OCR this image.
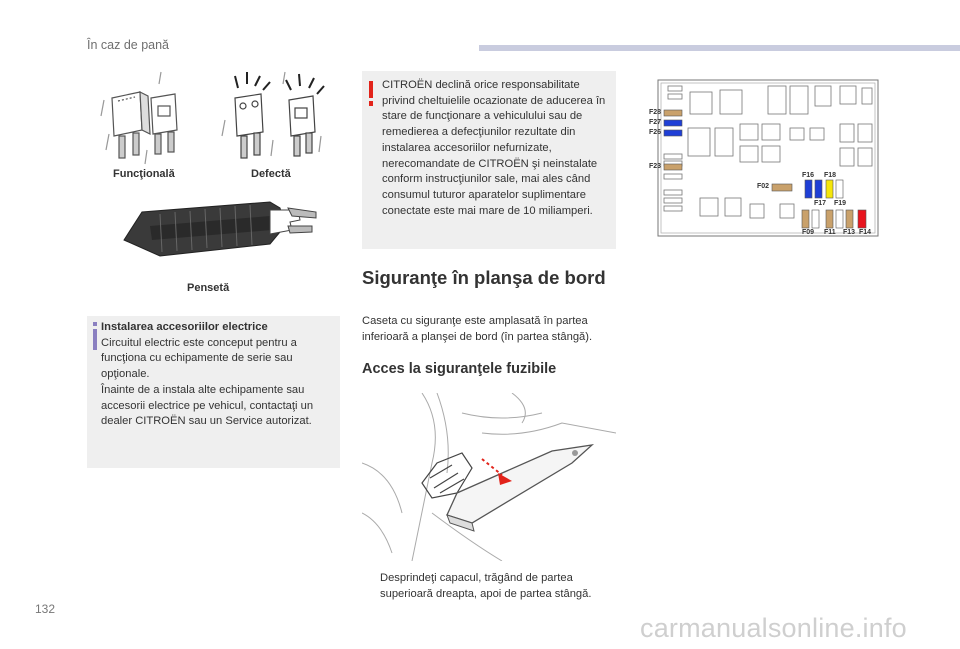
În caz de pană
Funcţională	Defectă
Pensetă
Instalarea accesoriilor electrice
Circuitul electric este conceput pentru a funcţiona cu echipamente de serie sau opţionale.
Înainte de a instala alte echipamente sau accesorii electrice pe vehicul, contactaţi un dealer CITROËN sau un Service autorizat.
CITROËN declină orice responsabilitate privind cheltuielile ocazionate de aducerea în stare de funcţionare a vehiculului sau de remedierea a defecţiunilor rezultate din instalarea accesoriilor nefurnizate, nerecomandate de CITROËN şi neinstalate conform instrucţiunilor sale, mai ales când consumul tuturor aparatelor suplimentare conectate este mai mare de 10 miliamperi.
Siguranţe în planşa de bord
Caseta cu siguranţe este amplasată în partea inferioară a planşei de bord (în partea stângă).
Acces la siguranţele fuzibile
Desprindeţi capacul, trăgând de partea superioară dreapta, apoi de partea stângă.
F28
F27
F26
F23
F02
F16 F18
F17 F19
F09 F11 F13 F14
132
carmanualsonline.info
